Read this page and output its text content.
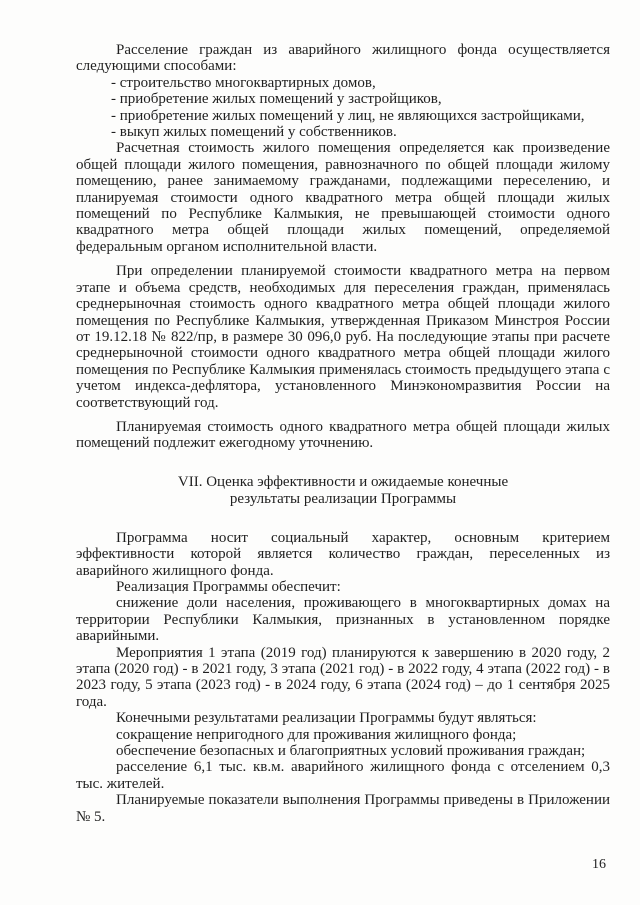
Расселение граждан из аварийного жилищного фонда осуществляется следующими способами:

- строительство многоквартирных домов,

- приобретение жилых помещений у застройщиков,

- приобретение жилых помещений у лиц, не являющихся застройщиками,

- выкуп жилых помещений у собственников.

Расчетная стоимость жилого помещения определяется как произведение общей площади жилого помещения, равнозначного по общей площади жилому помещению, ранее занимаемому гражданами, подлежащими переселению, и планируемая стоимости одного квадратного метра общей площади жилых помещений по Республике Калмыкия, не превышающей стоимости одного квадратного метра общей площади жилых помещений, определяемой федеральным органом исполнительной власти.

При определении планируемой стоимости квадратного метра на первом этапе и объема средств, необходимых для переселения граждан, применялась среднерыночная стоимость одного квадратного метра общей площади жилого помещения по Республике Калмыкия, утвержденная Приказом Минстроя России от 19.12.18 № 822/пр, в размере 30 096,0 руб. На последующие этапы при расчете среднерыночной стоимости одного квадратного метра общей площади жилого помещения по Республике Калмыкия применялась стоимость предыдущего этапа с учетом индекса-дефлятора, установленного Минэкономразвития России на соответствующий год.

Планируемая стоимость одного квадратного метра общей площади жилых помещений подлежит ежегодному уточнению.

VII. Оценка эффективности и ожидаемые конечные
результаты реализации Программы

Программа носит социальный характер, основным критерием эффективности которой является количество граждан, переселенных из аварийного жилищного фонда.

Реализация Программы обеспечит:

снижение доли населения, проживающего в многоквартирных домах на территории Республики Калмыкия, признанных в установленном порядке аварийными.

Мероприятия 1 этапа (2019 год) планируются к завершению в 2020 году, 2 этапа (2020 год) - в 2021 году, 3 этапа (2021 год) - в 2022 году, 4 этапа (2022 год) - в 2023 году, 5 этапа (2023 год) - в 2024 году, 6 этапа (2024 год) – до 1 сентября 2025 года.

Конечными результатами реализации Программы будут являться:

сокращение непригодного для проживания жилищного фонда;

обеспечение безопасных и благоприятных условий проживания граждан;

расселение 6,1 тыс. кв.м. аварийного жилищного фонда с отселением 0,3 тыс. жителей.

Планируемые показатели выполнения Программы приведены в Приложении № 5.

16
